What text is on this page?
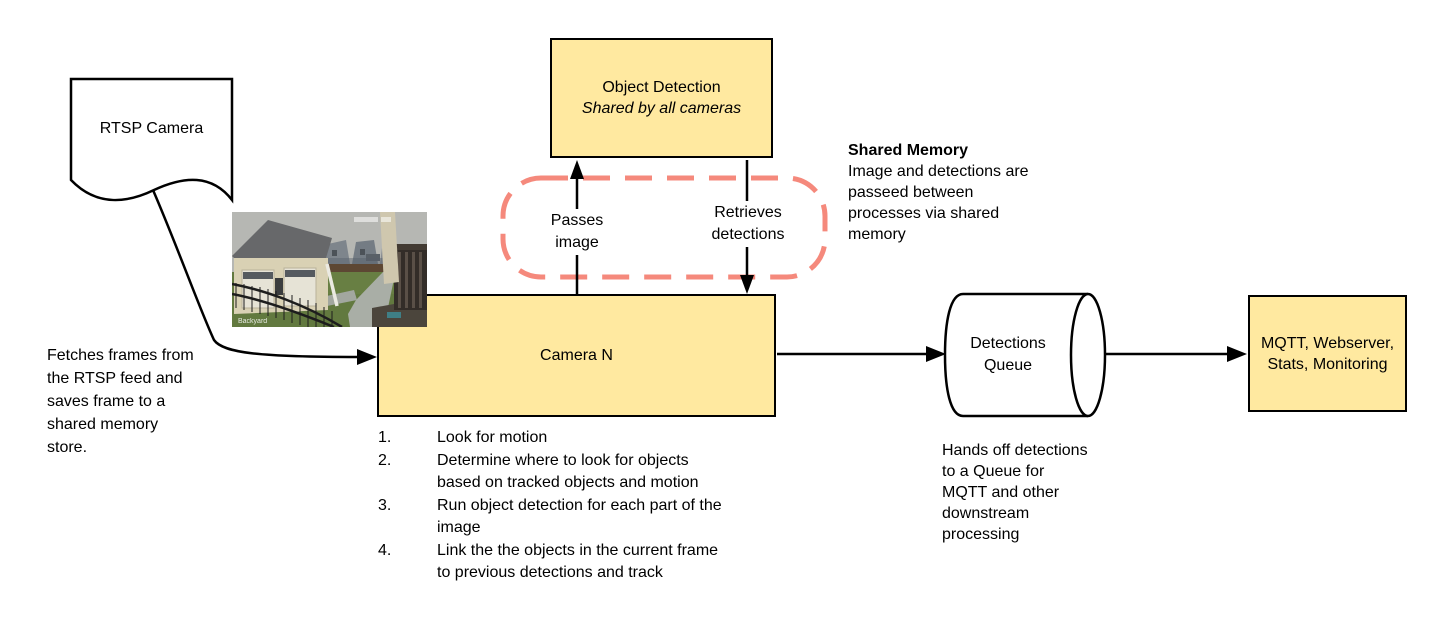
RTSP Camera
Object Detection
Shared by all cameras
Camera N
Detections
Queue
MQTT, Webserver,
Stats, Monitoring
Passes
image
Retrieves
detections
Fetches frames from
the RTSP feed and
saves frame to a
shared memory
store.
Shared Memory
Image and detections are
passeed between
processes via shared
memory
Hands off detections
to a Queue for
MQTT and other
downstream
processing
1.	Look for motion
2.	Determine where to look for objects
based on tracked objects and motion
3.	Run object detection for each part of the
image
4.	Link the the objects in the current frame
to previous detections and track
Backyard
